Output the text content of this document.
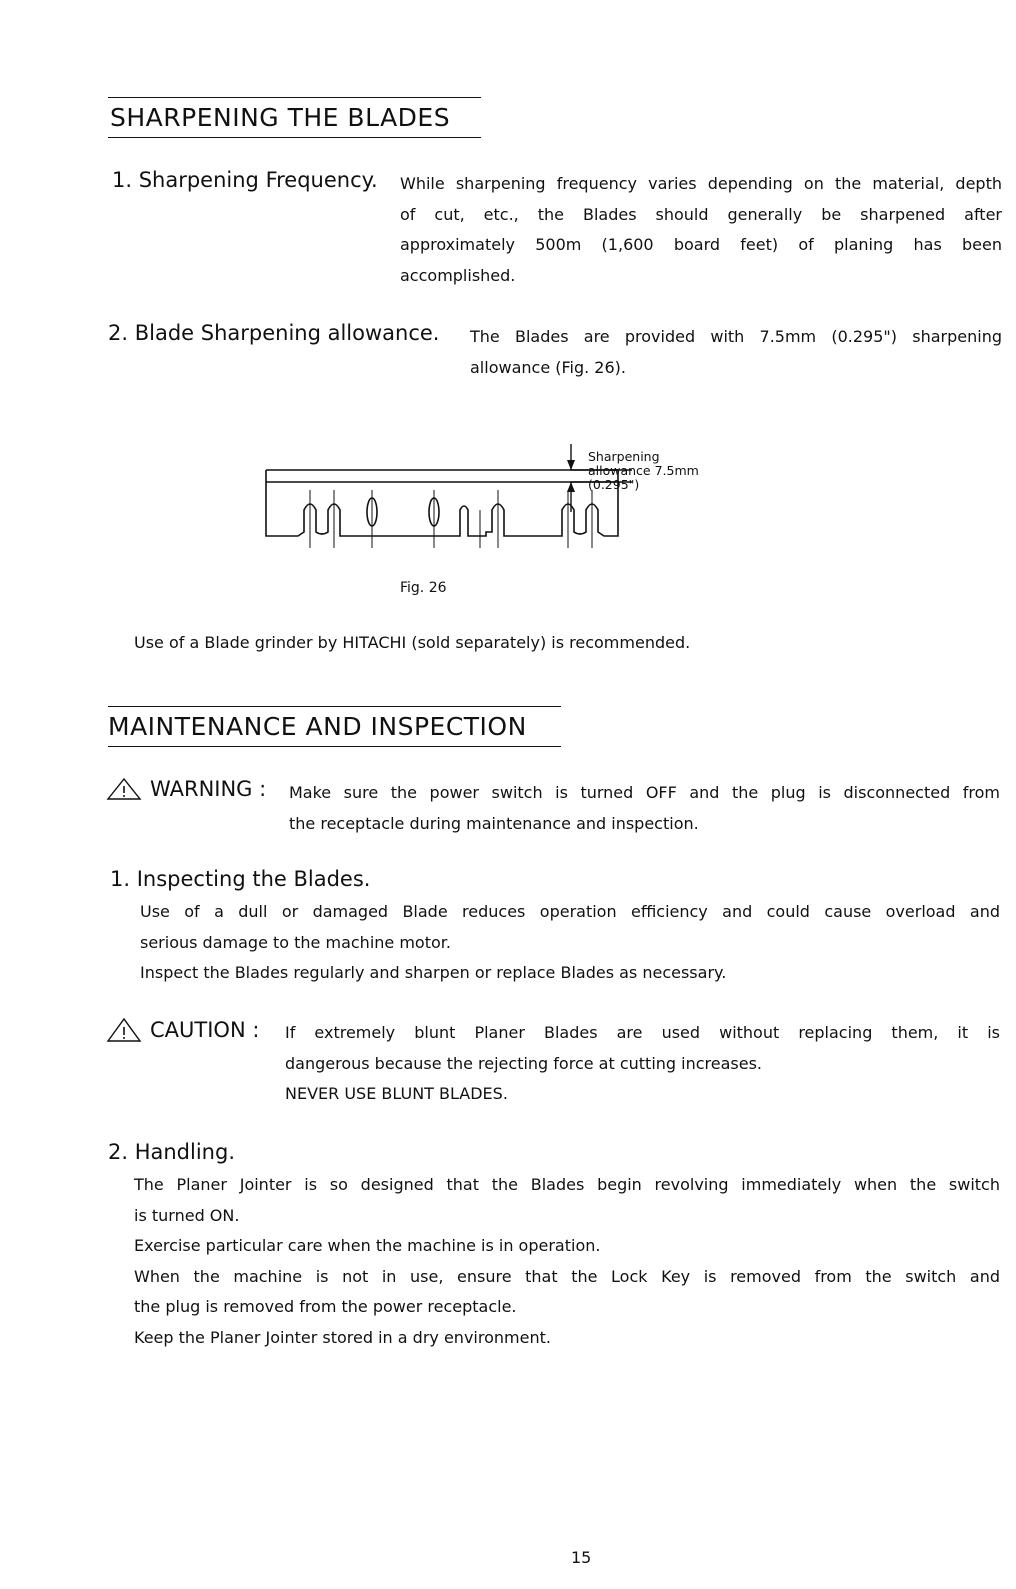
SHARPENING THE BLADES
1. Sharpening Frequency. While sharpening frequency varies depending on the material, depth
of cut, etc., the Blades should generally be sharpened after
approximately 500m (1,600 board feet) of planing has been
accomplished.
2. Blade Sharpening allowance. The Blades are provided with 7.5mm (0.295") sharpening
allowance (Fig. 26).
Sharpening
allowance 7.5mm
(0.295")
Fig. 26
Use of a Blade grinder by HITACHI (sold separately) is recommended.
MAINTENANCE AND INSPECTION
WARNING : Make sure the power switch is turned OFF and the plug is disconnected from
the receptacle during maintenance and inspection.
1. Inspecting the Blades.
Use of a dull or damaged Blade reduces operation efficiency and could cause overload and
serious damage to the machine motor.
Inspect the Blades regularly and sharpen or replace Blades as necessary.
CAUTION : If extremely blunt Planer Blades are used without replacing them, it is
dangerous because the rejecting force at cutting increases.
NEVER USE BLUNT BLADES.
2. Handling.
The Planer Jointer is so designed that the Blades begin revolving immediately when the switch
is turned ON.
Exercise particular care when the machine is in operation.
When the machine is not in use, ensure that the Lock Key is removed from the switch and
the plug is removed from the power receptacle.
Keep the Planer Jointer stored in a dry environment.
15
